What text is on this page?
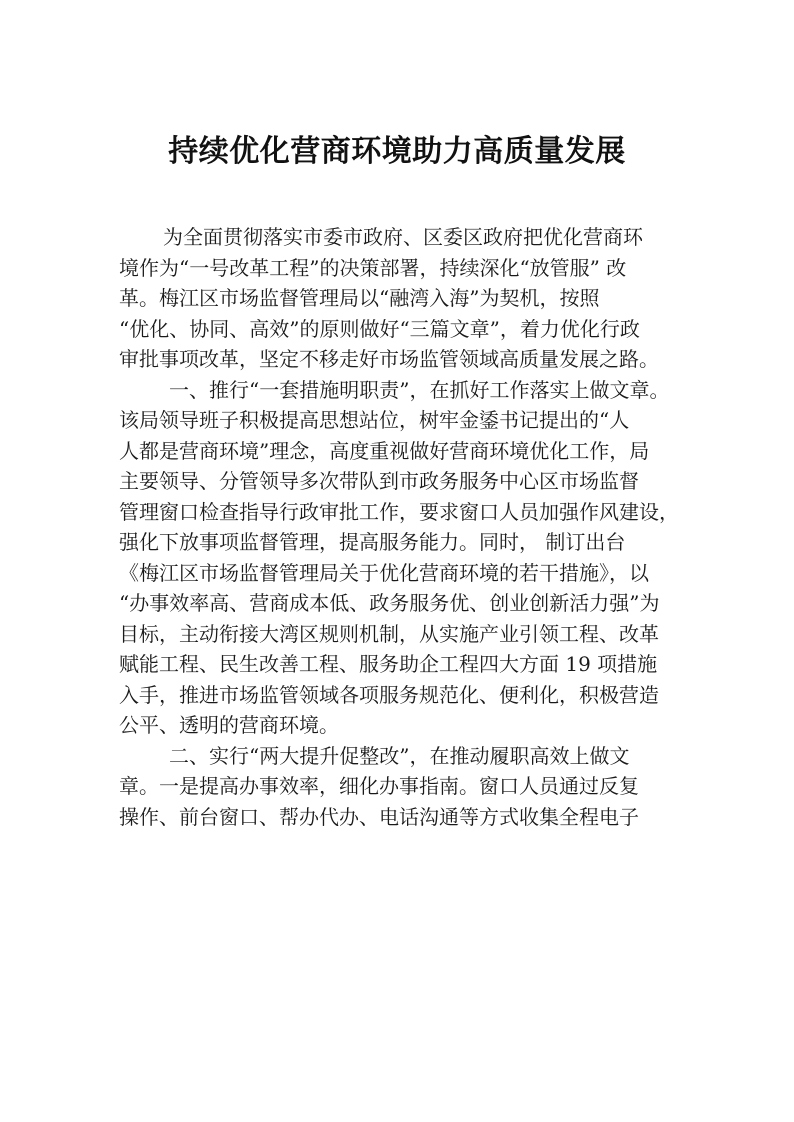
持续优化营商环境助力高质量发展
为全面贯彻落实市委市政府、区委区政府把优化营商环
境作为“一号改革工程”的决策部署，持续深化“放管服” 改
革。梅江区市场监督管理局以“融湾入海”为契机，按照
“优化、协同、高效”的原则做好“三篇文章”，着力优化行政
审批事项改革，坚定不移走好市场监管领域高质量发展之路。
一、推行“一套措施明职责”，在抓好工作落实上做文章。
该局领导班子积极提高思想站位，树牢金鋈书记提出的“人
人都是营商环境”理念，高度重视做好营商环境优化工作，局
主要领导、分管领导多次带队到市政务服务中心区市场监督
管理窗口检查指导行政审批工作，要求窗口人员加强作风建设，
强化下放事项监督管理，提高服务能力。同时， 制订出台
《梅江区市场监督管理局关于优化营商环境的若干措施》，以
“办事效率高、营商成本低、政务服务优、创业创新活力强”为
目标，主动衔接大湾区规则机制，从实施产业引领工程、改革
赋能工程、民生改善工程、服务助企工程四大方面 19 项措施
入手，推进市场监管领域各项服务规范化、便利化，积极营造
公平、透明的营商环境。
二、实行“两大提升促整改”，在推动履职高效上做文
章。一是提高办事效率，细化办事指南。窗口人员通过反复
操作、前台窗口、帮办代办、电话沟通等方式收集全程电子
